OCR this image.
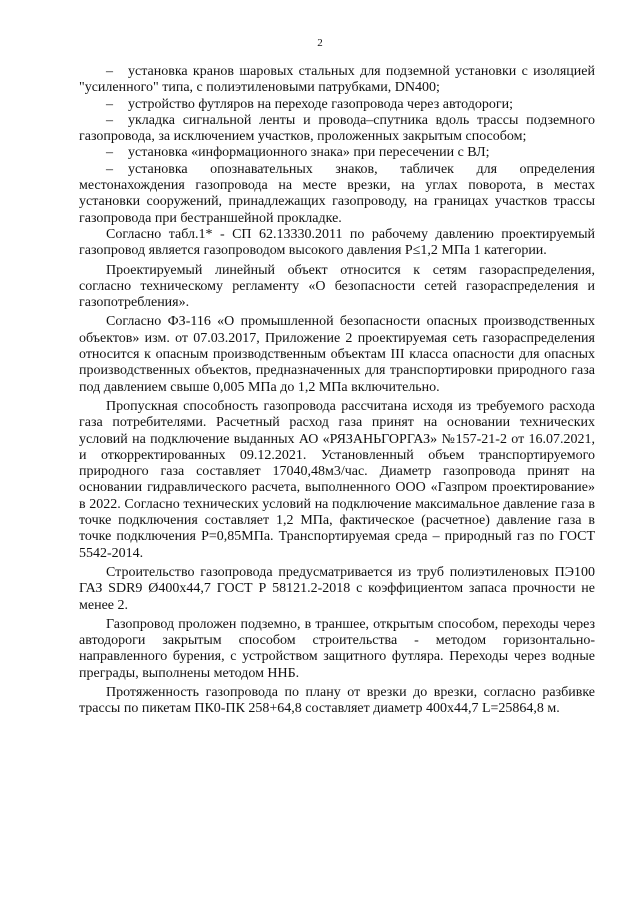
2

– установка кранов шаровых стальных для подземной установки с изоляцией "усиленного" типа, с полиэтиленовыми патрубками, DN400;

– устройство футляров на переходе газопровода через автодороги;

– укладка сигнальной ленты и провода–спутника вдоль трассы подземного газопровода, за исключением участков, проложенных закрытым способом;

– установка «информационного знака» при пересечении с ВЛ;

– установка опознавательных знаков, табличек для определения местонахождения газопровода на месте врезки, на углах поворота, в местах установки сооружений, принадлежащих газопроводу, на границах участков трассы газопровода при бестраншейной прокладке.

Согласно табл.1* - СП 62.13330.2011 по рабочему давлению проектируемый газопровод является газопроводом высокого давления P≤1,2 МПа 1 категории.

Проектируемый линейный объект относится к сетям газораспределения, согласно техническому регламенту «О безопасности сетей газораспределения и газопотребления».

Согласно ФЗ-116 «О промышленной безопасности опасных производственных объектов» изм. от 07.03.2017, Приложение 2 проектируемая сеть газораспределения относится к опасным производственным объектам III класса опасности для опасных производственных объектов, предназначенных для транспортировки природного газа под давлением свыше 0,005 МПа до 1,2 МПа включительно.

Пропускная способность газопровода рассчитана исходя из требуемого расхода газа потребителями. Расчетный расход газа принят на основании технических условий на подключение выданных АО «РЯЗАНЬГОРГАЗ» №157-21-2 от 16.07.2021, и откорректированных 09.12.2021. Установленный объем транспортируемого природного газа составляет 17040,48м3/час. Диаметр газопровода принят на основании гидравлического расчета, выполненного ООО «Газпром проектирование» в 2022. Согласно технических условий на подключение максимальное давление газа в точке подключения составляет 1,2 МПа, фактическое (расчетное) давление газа в точке подключения P=0,85МПа. Транспортируемая среда – природный газ по ГОСТ 5542-2014.

Строительство газопровода предусматривается из труб полиэтиленовых ПЭ100 ГАЗ SDR9 Ø400х44,7 ГОСТ Р 58121.2-2018 с коэффициентом запаса прочности не менее 2.

Газопровод проложен подземно, в траншее, открытым способом, переходы через автодороги закрытым способом строительства - методом горизонтально-направленного бурения, с устройством защитного футляра. Переходы через водные преграды, выполнены методом ННБ.

Протяженность газопровода по плану от врезки до врезки, согласно разбивке трассы по пикетам ПК0-ПК 258+64,8 составляет диаметр 400х44,7 L=25864,8 м.
